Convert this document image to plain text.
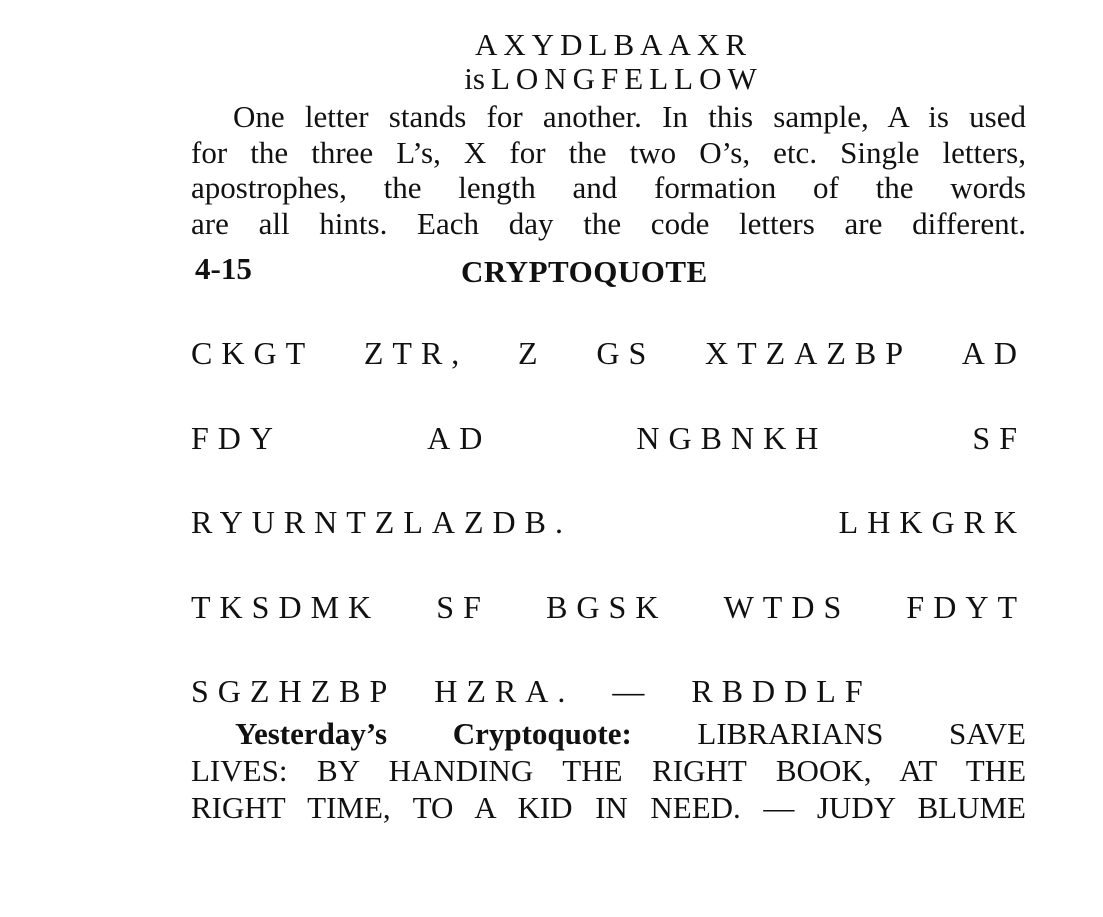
AXYDLBAAXR
is LONGFELLOW
One letter stands for another. In this sample, A is used
for the three L’s, X for the two O’s, etc. Single letters,
apostrophes, the length and formation of the words
are all hints. Each day the code letters are different.
4-15	CRYPTOQUOTE
CKGT ZTR, Z GS XTZAZBP AD
FDY	AD	NGBNKH	SF
RYURNTZLAZDB.	LHKGRK
TKSDMK SF BGSK WTDS FDYT
SGZHZBP HZRA. — RBDDLF
Yesterday’s Cryptoquote: LIBRARIANS SAVE
LIVES: BY HANDING THE RIGHT BOOK, AT THE
RIGHT TIME, TO A KID IN NEED. — JUDY BLUME
